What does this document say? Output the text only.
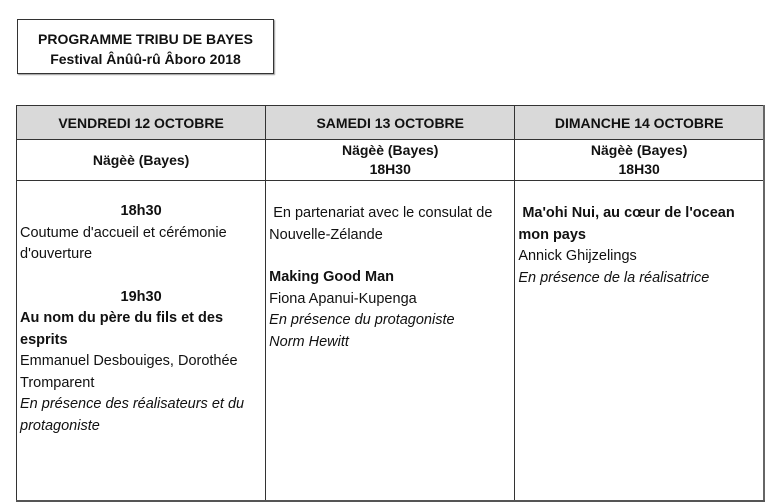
PROGRAMME TRIBU DE BAYES
Festival Ânûû-rû Âboro 2018
VENDREDI 12 OCTOBRE	SAMEDI 13 OCTOBRE	DIMANCHE 14 OCTOBRE

Nägèè (Bayes)

Nägèè (Bayes)
18H30

Nägèè (Bayes)
18H30

18h30
Coutume d'accueil et cérémonie d'ouverture
19h30
Au nom du père du fils et des esprits
Emmanuel Desbouiges, Dorothée Tromparent
En présence des réalisateurs et du protagoniste

En partenariat avec le consulat de Nouvelle-Zélande
Making Good Man
Fiona Apanui-Kupenga
En présence du protagoniste Norm Hewitt

Ma'ohi Nui, au cœur de l'ocean mon pays
Annick Ghijzelings
En présence de la réalisatrice
